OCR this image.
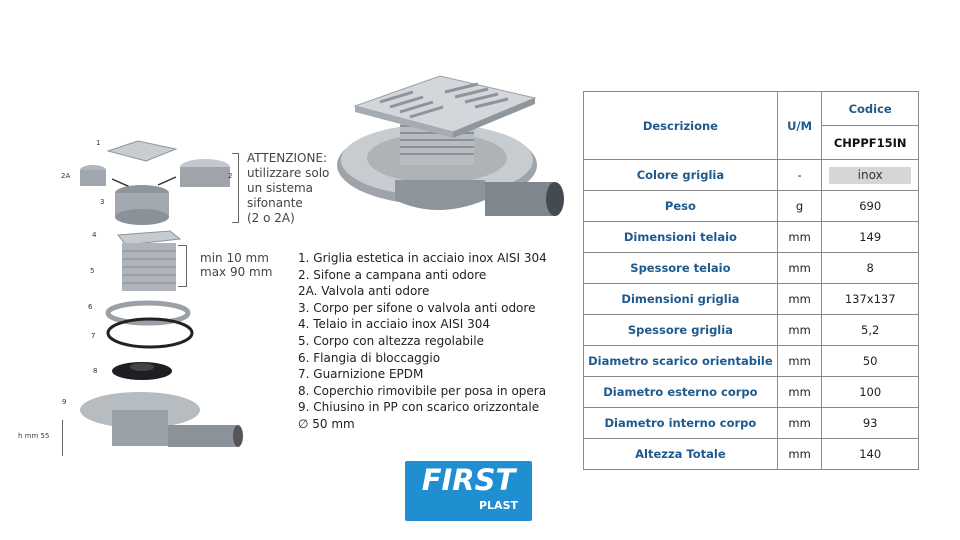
1
2A	2
3
4
5
6
7
8
9
ATTENZIONE:
utilizzare solo
un sistema
sifonante
(2 o 2A)
min 10 mm
max 90 mm
h mm 55
1. Griglia estetica in acciaio inox AISI 304
2. Sifone a campana anti odore
2A. Valvola anti odore
3. Corpo per sifone o valvola anti odore
4. Telaio in acciaio inox AISI 304
5. Corpo con altezza regolabile
6. Flangia di bloccaggio
7. Guarnizione EPDM
8. Coperchio rimovibile per posa in opera
9. Chiusino in PP con scarico orizzontale
∅ 50 mm
Descrizione	U/M	Codice
		CHPPF15IN
Colore griglia	-	inox
Peso	g	690
Dimensioni telaio	mm	149
Spessore telaio	mm	8
Dimensioni griglia	mm	137x137
Spessore griglia	mm	5,2
Diametro scarico orientabile	mm	50
Diametro esterno corpo	mm	100
Diametro interno corpo	mm	93
Altezza Totale	mm	140
FIRST
PLAST
